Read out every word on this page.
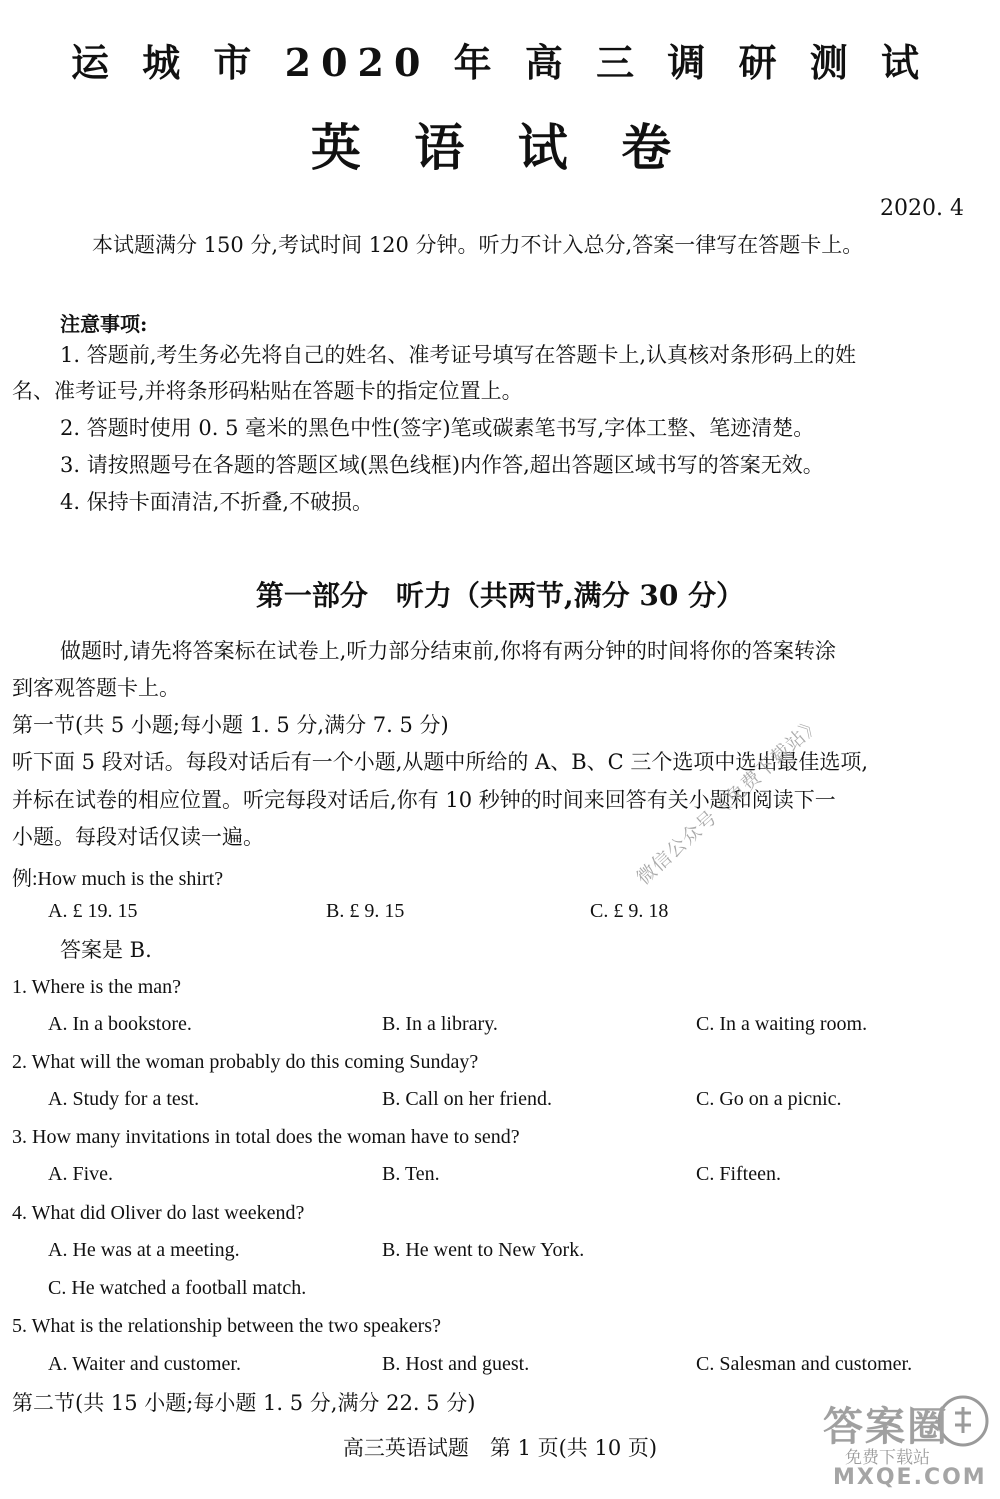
运 城 市 2020 年 高 三 调 研 测 试
英 语 试 卷
2020. 4
本试题满分 150 分,考试时间 120 分钟。听力不计入总分,答案一律写在答题卡上。
注意事项:
1. 答题前,考生务必先将自己的姓名、准考证号填写在答题卡上,认真核对条形码上的姓
名、准考证号,并将条形码粘贴在答题卡的指定位置上。
2. 答题时使用 0. 5 毫米的黑色中性(签字)笔或碳素笔书写,字体工整、笔迹清楚。
3. 请按照题号在各题的答题区域(黑色线框)内作答,超出答题区域书写的答案无效。
4. 保持卡面清洁,不折叠,不破损。
第一部分　听力（共两节,满分 30 分）
做题时,请先将答案标在试卷上,听力部分结束前,你将有两分钟的时间将你的答案转涂
到客观答题卡上。
第一节(共 5 小题;每小题 1. 5 分,满分 7. 5 分)
听下面 5 段对话。每段对话后有一个小题,从题中所给的 A、B、C 三个选项中选出最佳选项,
并标在试卷的相应位置。听完每段对话后,你有 10 秒钟的时间来回答有关小题和阅读下一
小题。每段对话仅读一遍。
例:How much is the shirt?
A. £ 19. 15	B. £ 9. 15	C. £ 9. 18
答案是 B.
1. Where is the man?
A. In a bookstore.	B. In a library.	C. In a waiting room.
2. What will the woman probably do this coming Sunday?
A. Study for a test.	B. Call on her friend.	C. Go on a picnic.
3. How many invitations in total does the woman have to send?
A. Five.	B. Ten.	C. Fifteen.
4. What did Oliver do last weekend?
A. He was at a meeting.	B. He went to New York.
C. He watched a football match.
5. What is the relationship between the two speakers?
A. Waiter and customer.	B. Host and guest.	C. Salesman and customer.
第二节(共 15 小题;每小题 1. 5 分,满分 22. 5 分)
高三英语试题　第 1 页(共 10 页)
微信公众号《免费下载站》
答案圈
免费下载站
MXQE.COM
